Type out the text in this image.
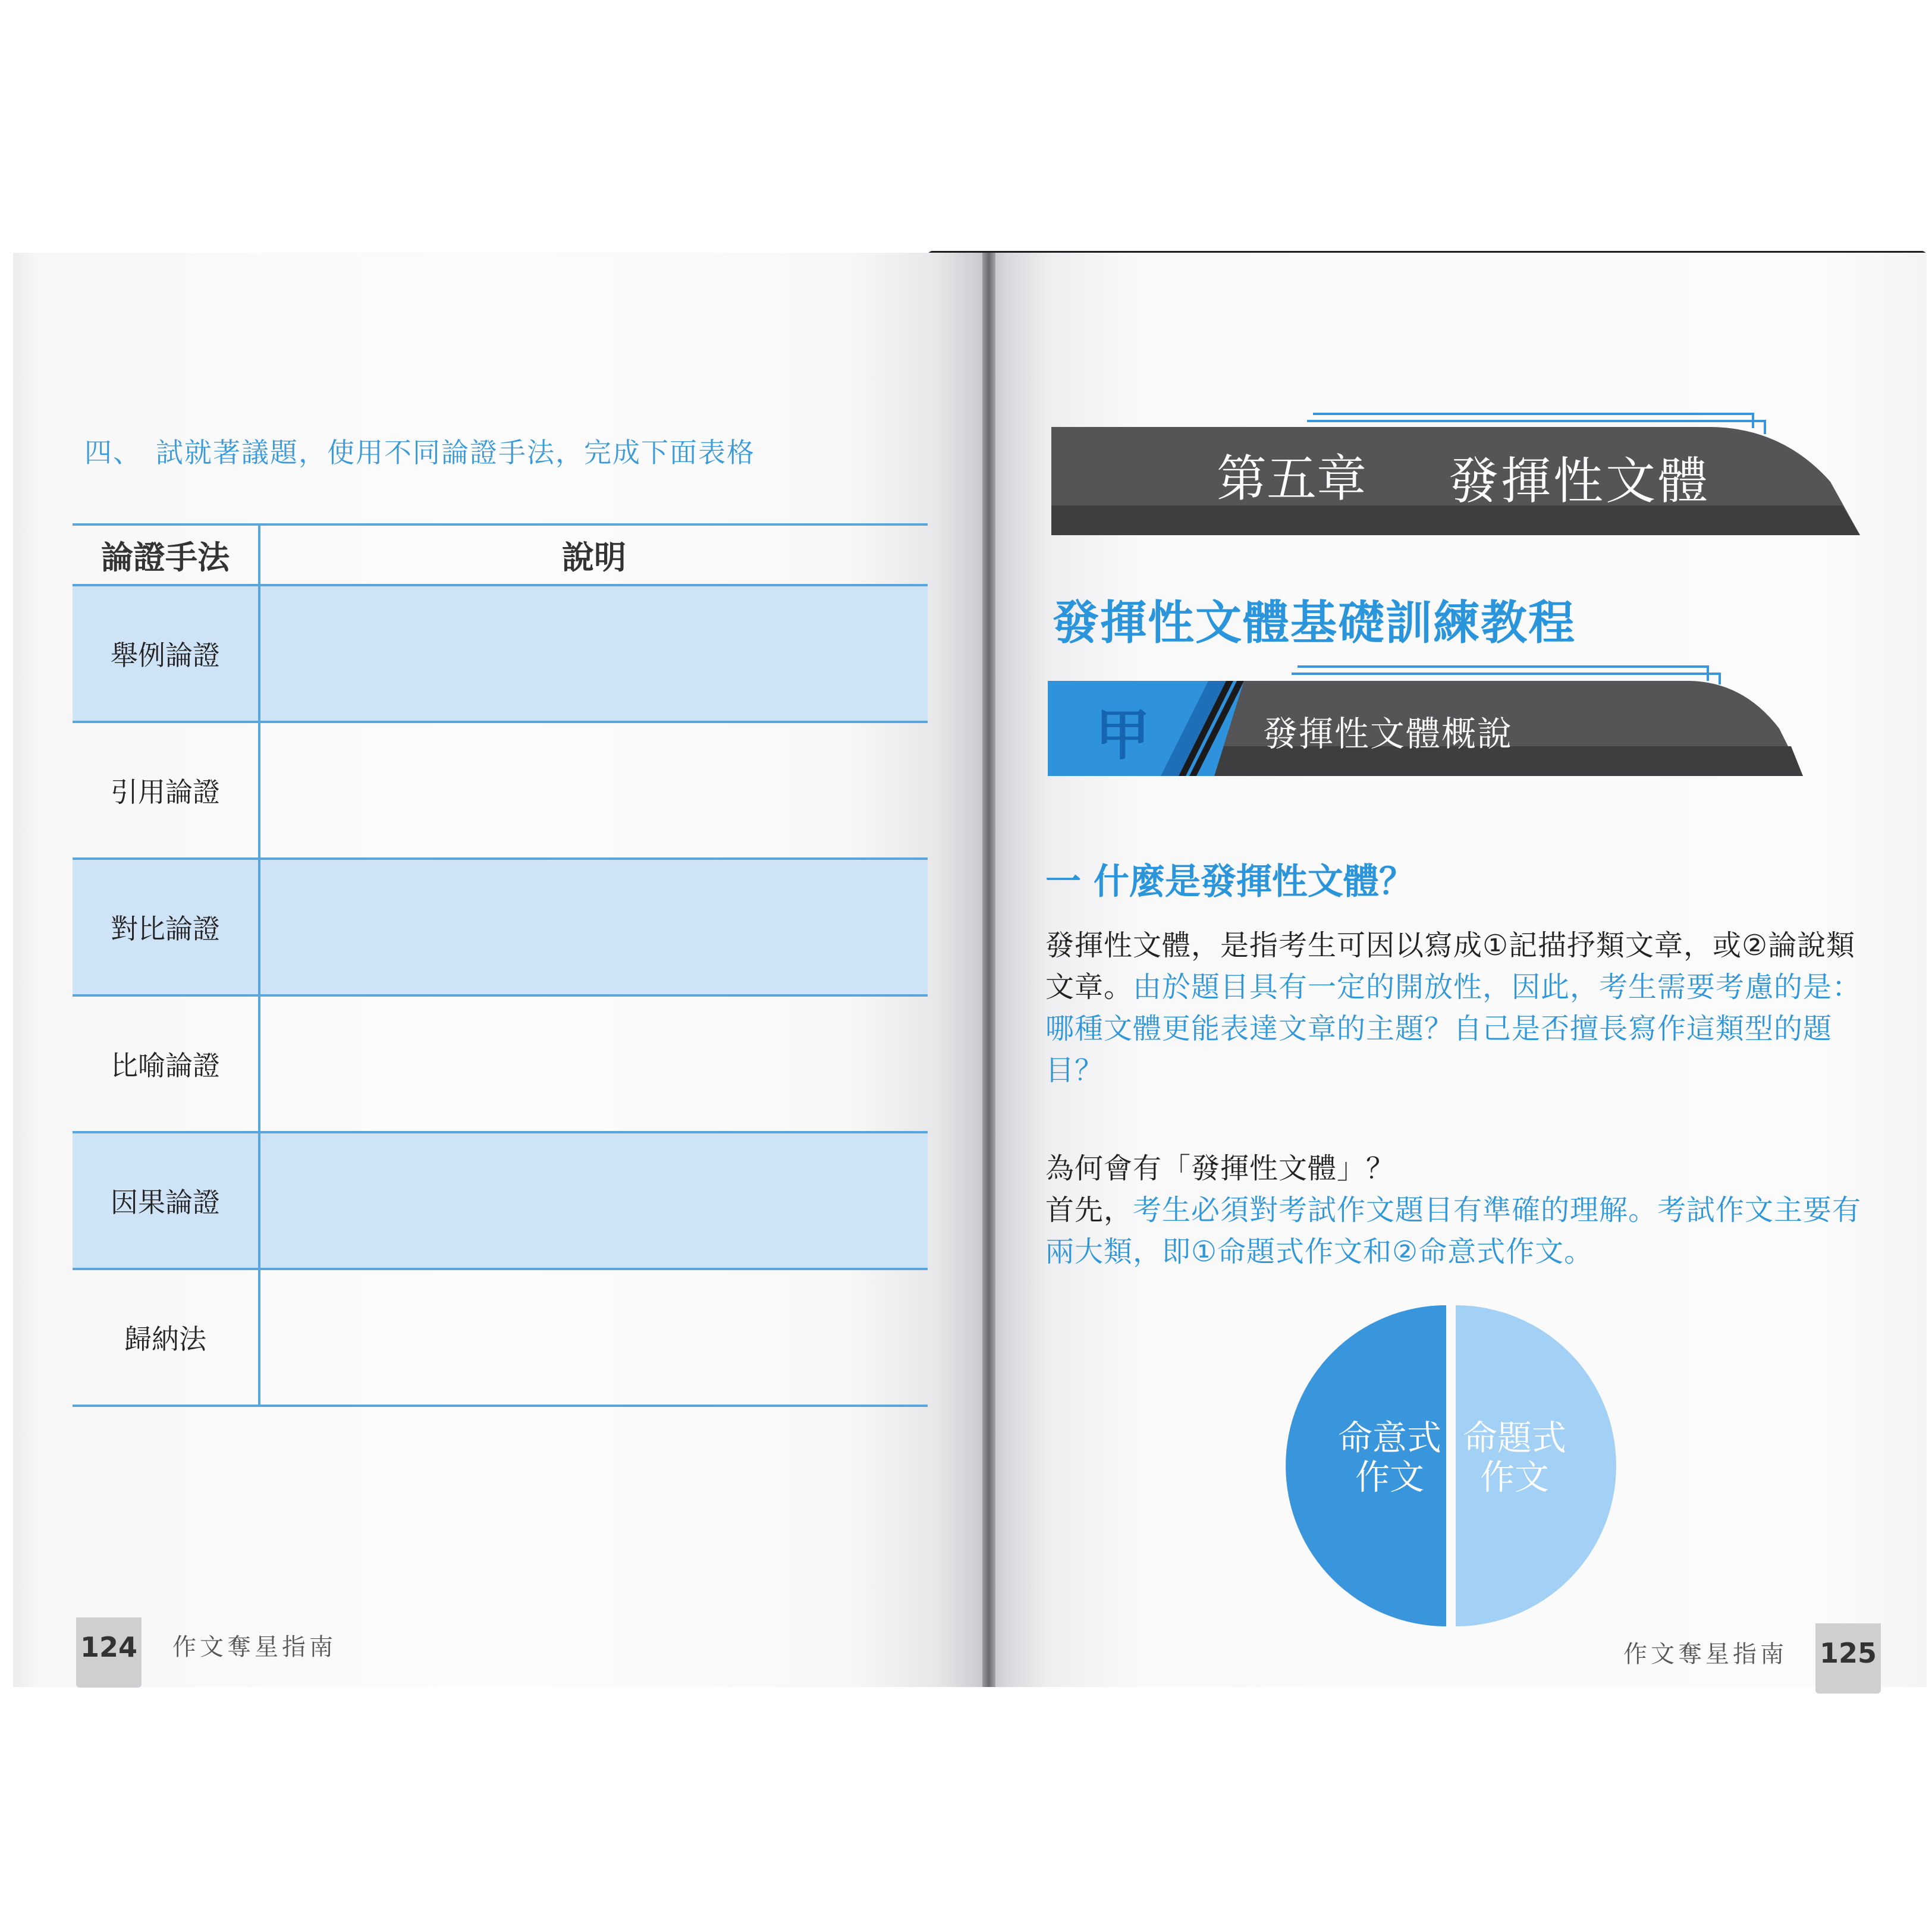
四、 試就著議題，使用不同論證手法，完成下面表格
論證手法	說明
舉例論證	
引用論證	
對比論證	
比喻論證	
因果論證	
歸納法	
124 作文奪星指南
第五章 發揮性文體
發揮性文體基礎訓練教程
甲	發揮性文體概說
一 什麼是發揮性文體？
發揮性文體，是指考生可因以寫成①記描抒類文章，或②論說類文章。由於題目具有一定的開放性，因此，考生需要考慮的是：哪種文體更能表達文章的主題？自己是否擅長寫作這類型的題目？
為何會有「發揮性文體」？
首先，考生必須對考試作文題目有準確的理解。考試作文主要有兩大類，即①命題式作文和②命意式作文。
命意式
作文
命題式
作文
125
作文奪星指南
